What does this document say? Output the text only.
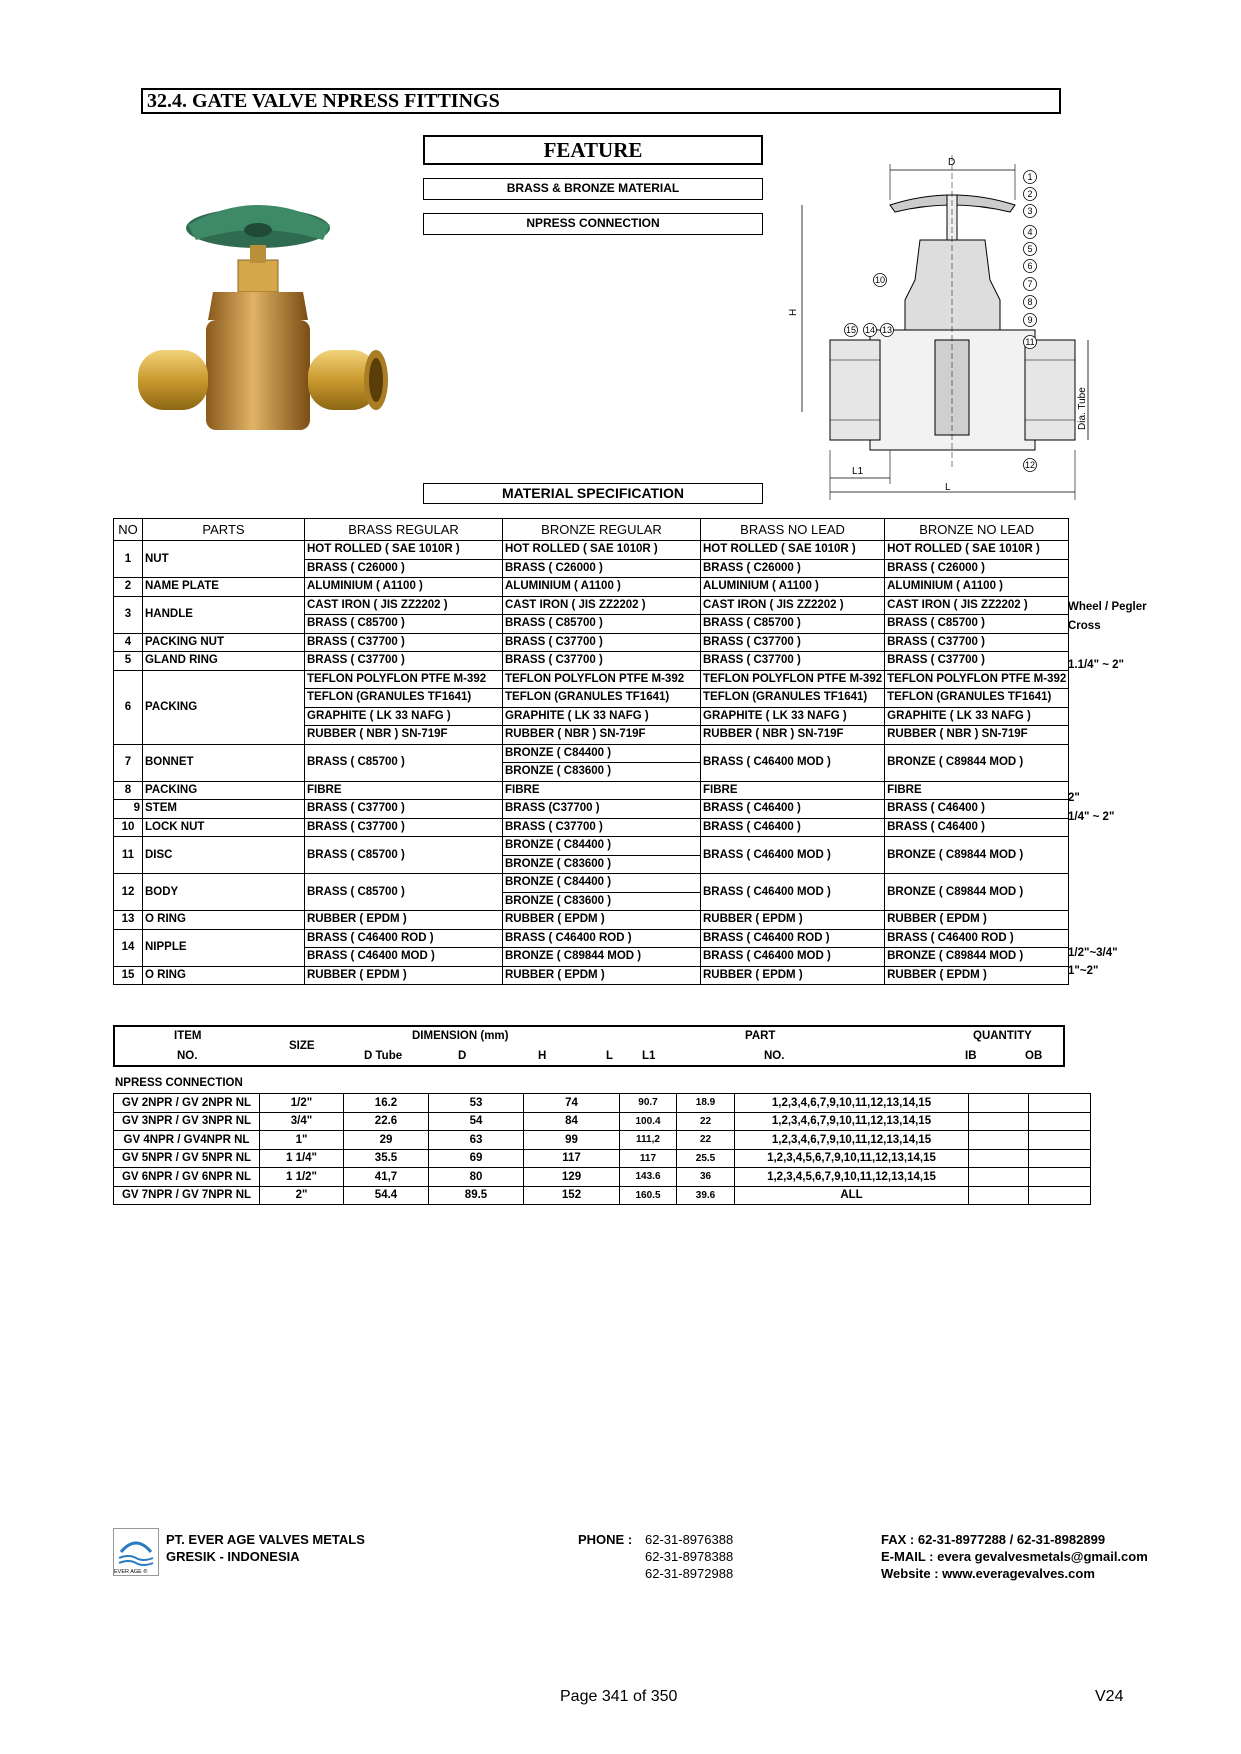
32.4. GATE VALVE NPRESS FITTINGS
FEATURE
BRASS & BRONZE MATERIAL
NPRESS CONNECTION
D
H
L
L1
Dia. Tube
1
2
3
4
5
6
7
8
9
10
11
12
13
14
15
MATERIAL SPECIFICATION
NO	PARTS	BRASS REGULAR	BRONZE REGULAR	BRASS NO LEAD	BRONZE NO LEAD
1	NUT	HOT ROLLED ( SAE 1010R )	HOT ROLLED ( SAE 1010R )	HOT ROLLED ( SAE 1010R )	HOT ROLLED ( SAE 1010R )
		BRASS ( C26000 )	BRASS ( C26000 )	BRASS ( C26000 )	BRASS ( C26000 )
2	NAME PLATE	ALUMINIUM ( A1100 )	ALUMINIUM ( A1100 )	ALUMINIUM ( A1100 )	ALUMINIUM ( A1100 )
3	HANDLE	CAST IRON ( JIS ZZ2202 )	CAST IRON ( JIS ZZ2202 )	CAST IRON ( JIS ZZ2202 )	CAST IRON ( JIS ZZ2202 )
		BRASS ( C85700 )	BRASS ( C85700 )	BRASS ( C85700 )	BRASS ( C85700 )
4	PACKING NUT	BRASS ( C37700 )	BRASS ( C37700 )	BRASS ( C37700 )	BRASS ( C37700 )
5	GLAND RING	BRASS ( C37700 )	BRASS ( C37700 )	BRASS ( C37700 )	BRASS ( C37700 )
6	PACKING	TEFLON POLYFLON PTFE M-392	TEFLON POLYFLON PTFE M-392	TEFLON POLYFLON PTFE M-392	TEFLON POLYFLON PTFE M-392
		TEFLON (GRANULES TF1641)	TEFLON (GRANULES TF1641)	TEFLON (GRANULES TF1641)	TEFLON (GRANULES TF1641)
		GRAPHITE ( LK 33 NAFG )	GRAPHITE ( LK 33 NAFG )	GRAPHITE ( LK 33 NAFG )	GRAPHITE ( LK 33 NAFG )
		RUBBER ( NBR ) SN-719F	RUBBER ( NBR ) SN-719F	RUBBER ( NBR ) SN-719F	RUBBER ( NBR ) SN-719F
7	BONNET	BRASS ( C85700 )	BRONZE ( C84400 )	BRASS ( C46400 MOD )	BRONZE ( C89844 MOD )
			BRONZE ( C83600 )		
8	PACKING	FIBRE	FIBRE	FIBRE	FIBRE
9	STEM	BRASS ( C37700 )	BRASS (C37700 )	BRASS ( C46400 )	BRASS ( C46400 )
10	LOCK NUT	BRASS ( C37700 )	BRASS ( C37700 )	BRASS ( C46400 )	BRASS ( C46400 )
11	DISC	BRASS ( C85700 )	BRONZE ( C84400 )	BRASS ( C46400 MOD )	BRONZE ( C89844 MOD )
			BRONZE ( C83600 )		
12	BODY	BRASS ( C85700 )	BRONZE ( C84400 )	BRASS ( C46400 MOD )	BRONZE ( C89844 MOD )
			BRONZE ( C83600 )		
13	O RING	RUBBER ( EPDM )	RUBBER ( EPDM )	RUBBER ( EPDM )	RUBBER ( EPDM )
14	NIPPLE	BRASS ( C46400 ROD )	BRASS ( C46400 ROD )	BRASS ( C46400 ROD )	BRASS ( C46400 ROD )
		BRASS ( C46400 MOD )	BRONZE ( C89844 MOD )	BRASS ( C46400 MOD )	BRONZE ( C89844 MOD )
15	O RING	RUBBER ( EPDM )	RUBBER ( EPDM )	RUBBER ( EPDM )	RUBBER ( EPDM )
Wheel / Pegler
Cross
1.1/4" ~ 2"
2"
1/4" ~ 2"
1/2"~3/4"
1"~2"
ITEM
NO.
SIZE
DIMENSION (mm)
D Tube	D	H	L	L1
PART
NO.
QUANTITY
IB	OB
NPRESS CONNECTION
GV 2NPR / GV 2NPR NL	1/2"	16.2	53	74	90.7	18.9	1,2,3,4,6,7,9,10,11,12,13,14,15		
GV 3NPR / GV 3NPR NL	3/4"	22.6	54	84	100.4	22	1,2,3,4,6,7,9,10,11,12,13,14,15		
GV 4NPR / GV4NPR NL	1"	29	63	99	111,2	22	1,2,3,4,6,7,9,10,11,12,13,14,15		
GV 5NPR / GV 5NPR NL	1 1/4"	35.5	69	117	117	25.5	1,2,3,4,5,6,7,9,10,11,12,13,14,15		
GV 6NPR / GV 6NPR NL	1 1/2"	41,7	80	129	143.6	36	1,2,3,4,5,6,7,9,10,11,12,13,14,15		
GV 7NPR / GV 7NPR NL	2"	54.4	89.5	152	160.5	39.6	ALL		
EVER AGE ®
PT. EVER AGE VALVES METALS
GRESIK - INDONESIA
PHONE : 62-31-8976388
62-31-8978388
62-31-8972988
FAX : 62-31-8977288 / 62-31-8982899
E-MAIL : evera gevalvesmetals@gmail.com
Website : www.everagevalves.com
Page 341 of 350	V24
